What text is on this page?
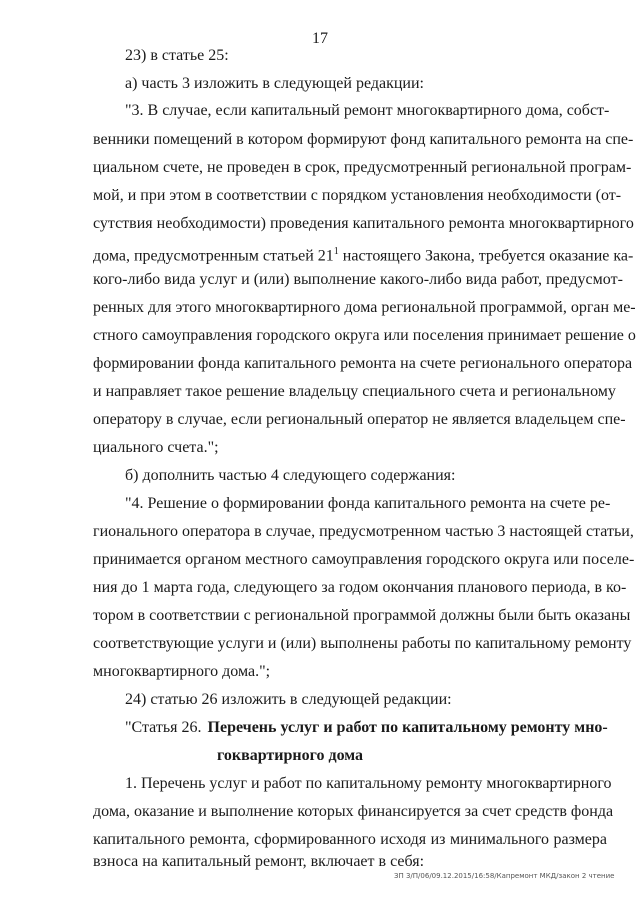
17
23) в статье 25:
а) часть 3 изложить в следующей редакции:
"3. В случае, если капитальный ремонт многоквартирного дома, собст-
венники помещений в котором формируют фонд капитального ремонта на спе-
циальном счете, не проведен в срок, предусмотренный региональной програм-
мой, и при этом в соответствии с порядком установления необходимости (от-
сутствия необходимости) проведения капитального ремонта многоквартирного
дома, предусмотренным статьей $21^1$ настоящего Закона, требуется оказание ка-
кого-либо вида услуг и (или) выполнение какого-либо вида работ, предусмот-
ренных для этого многоквартирного дома региональной программой, орган ме-
стного самоуправления городского округа или поселения принимает решение о
формировании фонда капитального ремонта на счете регионального оператора
и направляет такое решение владельцу специального счета и региональному
оператору в случае, если региональный оператор не является владельцем спе-
циального счета.";
б) дополнить частью 4 следующего содержания:
"4. Решение о формировании фонда капитального ремонта на счете ре-
гионального оператора в случае, предусмотренном частью 3 настоящей статьи,
принимается органом местного самоуправления городского округа или поселе-
ния до 1 марта года, следующего за годом окончания планового периода, в ко-
тором в соответствии с региональной программой должны были быть оказаны
соответствующие услуги и (или) выполнены работы по капитальному ремонту
многоквартирного дома.";
24) статью 26 изложить в следующей редакции:
"Статья 26. Перечень услуг и работ по капитальному ремонту мно-
гоквартирного дома
1. Перечень услуг и работ по капитальному ремонту многоквартирного
дома, оказание и выполнение которых финансируется за счет средств фонда
капитального ремонта, сформированного исходя из минимального размера
взноса на капитальный ремонт, включает в себя:
ЗП 3/П/06/09.12.2015/16:58/Капремонт МКД/закон 2 чтение
